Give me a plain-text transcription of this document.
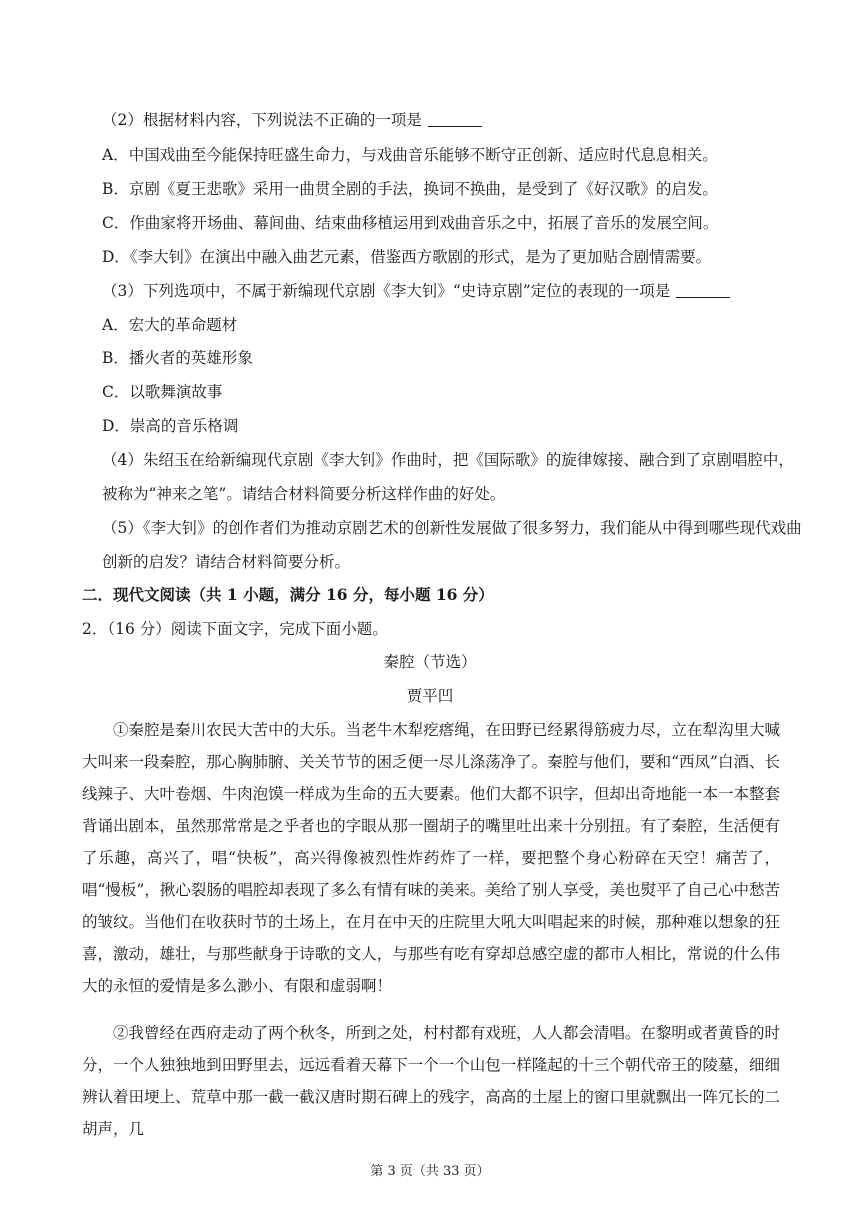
（2）根据材料内容，下列说法不正确的一项是
A．中国戏曲至今能保持旺盛生命力，与戏曲音乐能够不断守正创新、适应时代息息相关。
B．京剧《夏王悲歌》采用一曲贯全剧的手法，换词不换曲，是受到了《好汉歌》的启发。
C．作曲家将开场曲、幕间曲、结束曲移植运用到戏曲音乐之中，拓展了音乐的发展空间。
D．《李大钊》在演出中融入曲艺元素，借鉴西方歌剧的形式，是为了更加贴合剧情需要。
（3）下列选项中，不属于新编现代京剧《李大钊》“史诗京剧”定位的表现的一项是
A．宏大的革命题材
B．播火者的英雄形象
C．以歌舞演故事
D．崇高的音乐格调
（4）朱绍玉在给新编现代京剧《李大钊》作曲时，把《国际歌》的旋律嫁接、融合到了京剧唱腔中，
被称为“神来之笔”。请结合材料简要分析这样作曲的好处。
（5）《李大钊》的创作者们为推动京剧艺术的创新性发展做了很多努力，我们能从中得到哪些现代戏曲
创新的启发？请结合材料简要分析。
二．现代文阅读（共 1 小题，满分 16 分，每小题 16 分）
2．（16 分）阅读下面文字，完成下面小题。
秦腔（节选）
贾平凹
①秦腔是秦川农民大苦中的大乐。当老牛木犁疙瘩绳，在田野已经累得筋疲力尽，立在犁沟里大喊大叫来一段秦腔，那心胸肺腑、关关节节的困乏便一尽儿涤荡净了。秦腔与他们，要和“西凤”白酒、长线辣子、大叶卷烟、牛肉泡馍一样成为生命的五大要素。他们大都不识字，但却出奇地能一本一本整套背诵出剧本，虽然那常常是之乎者也的字眼从那一圈胡子的嘴里吐出来十分别扭。有了秦腔，生活便有了乐趣，高兴了，唱“快板”，高兴得像被烈性炸药炸了一样，要把整个身心粉碎在天空！痛苦了，唱“慢板”，揪心裂肠的唱腔却表现了多么有情有味的美来。美给了别人享受，美也熨平了自己心中愁苦的皱纹。当他们在收获时节的土场上，在月在中天的庄院里大吼大叫唱起来的时候，那种难以想象的狂喜，激动，雄壮，与那些献身于诗歌的文人，与那些有吃有穿却总感空虚的都市人相比，常说的什么伟大的永恒的爱情是多么渺小、有限和虚弱啊！
②我曾经在西府走动了两个秋冬，所到之处，村村都有戏班，人人都会清唱。在黎明或者黄昏的时分，一个人独独地到田野里去，远远看着天幕下一个一个山包一样隆起的十三个朝代帝王的陵墓，细细辨认着田埂上、荒草中那一截一截汉唐时期石碑上的残字，高高的土屋上的窗口里就飘出一阵冗长的二胡声，几
第 3 页（共 33 页）
